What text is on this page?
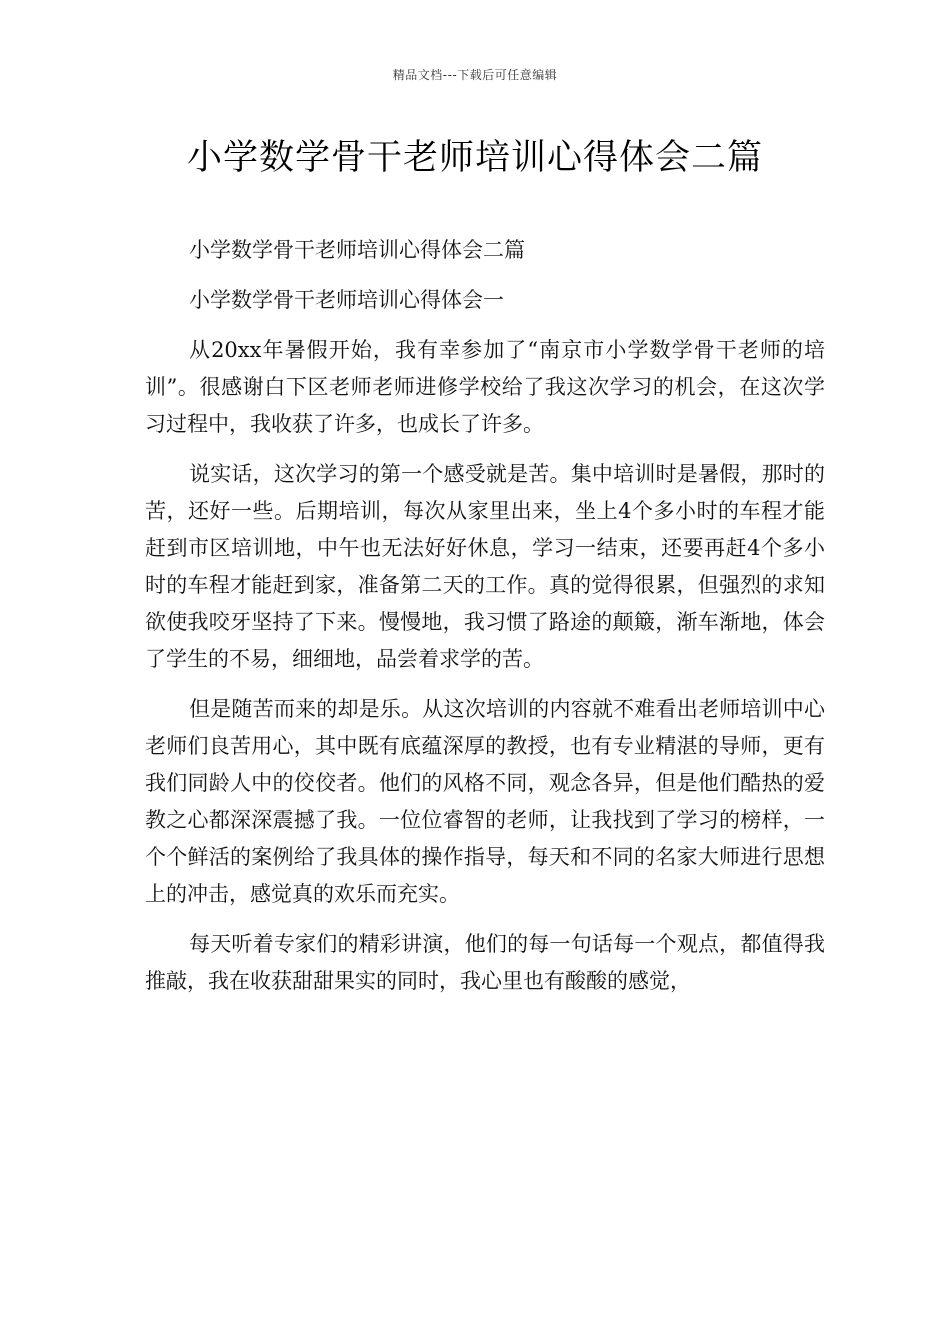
精品文档---下载后可任意编辑
小学数学骨干老师培训心得体会二篇

小学数学骨干老师培训心得体会二篇

小学数学骨干老师培训心得体会一

从20xx年暑假开始，我有幸参加了“南京市小学数学骨干老师的培训”。很感谢白下区老师老师进修学校给了我这次学习的机会，在这次学习过程中，我收获了许多，也成长了许多。

说实话，这次学习的第一个感受就是苦。集中培训时是暑假，那时的苦，还好一些。后期培训，每次从家里出来，坐上4个多小时的车程才能赶到市区培训地，中午也无法好好休息，学习一结束，还要再赶4个多小时的车程才能赶到家，准备第二天的工作。真的觉得很累，但强烈的求知欲使我咬牙坚持了下来。慢慢地，我习惯了路途的颠簸，渐车渐地，体会了学生的不易，细细地，品尝着求学的苦。

但是随苦而来的却是乐。从这次培训的内容就不难看出老师培训中心老师们良苦用心，其中既有底蕴深厚的教授，也有专业精湛的导师，更有我们同龄人中的佼佼者。他们的风格不同，观念各异，但是他们酷热的爱教之心都深深震撼了我。一位位睿智的老师，让我找到了学习的榜样，一个个鲜活的案例给了我具体的操作指导，每天和不同的名家大师进行思想上的冲击，感觉真的欢乐而充实。

每天听着专家们的精彩讲演，他们的每一句话每一个观点，都值得我推敲，我在收获甜甜果实的同时，我心里也有酸酸的感觉，
